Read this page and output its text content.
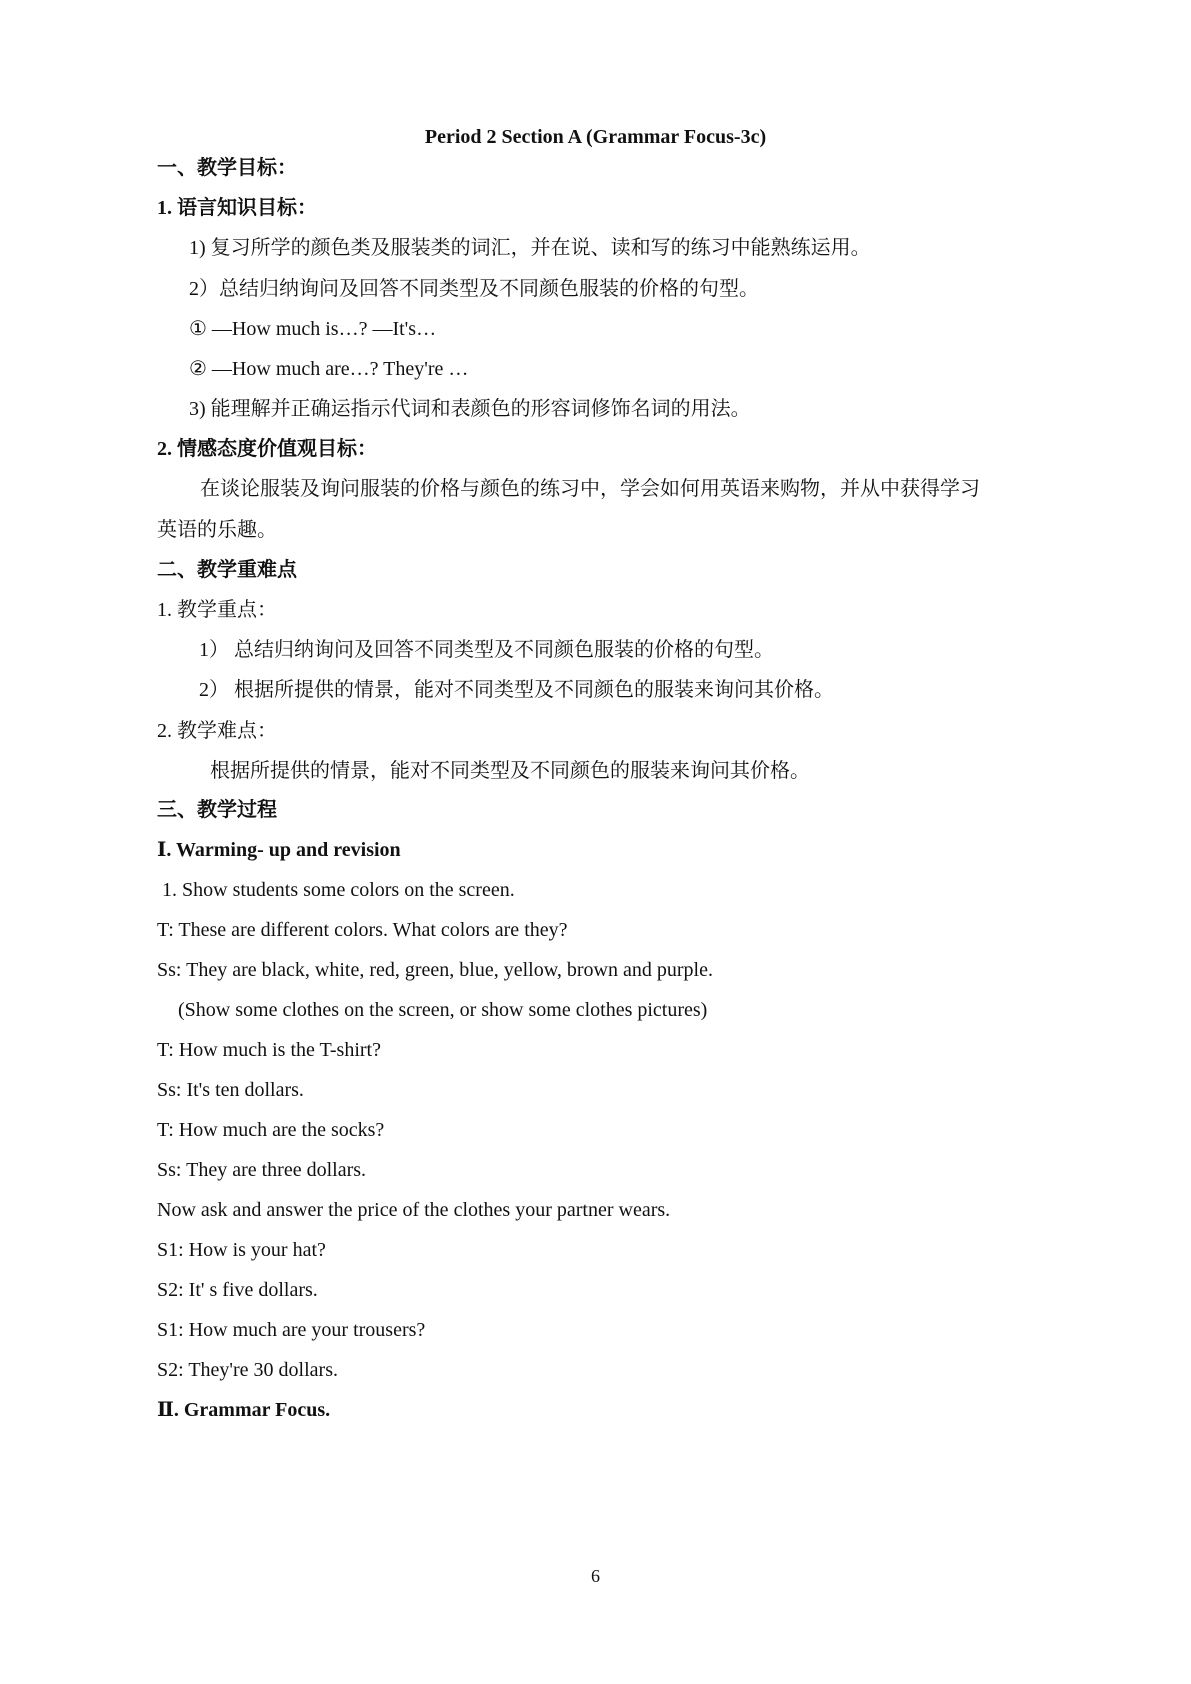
Period 2 Section A (Grammar Focus-3c)
一、教学目标：
1. 语言知识目标：
1) 复习所学的颜色类及服装类的词汇，并在说、读和写的练习中能熟练运用。
2）总结归纳询问及回答不同类型及不同颜色服装的价格的句型。
① —How much is…? —It's…
② —How much are…? They're …
3) 能理解并正确运指示代词和表颜色的形容词修饰名词的用法。
2. 情感态度价值观目标：
在谈论服装及询问服装的价格与颜色的练习中，学会如何用英语来购物，并从中获得学习
英语的乐趣。
二、教学重难点
1. 教学重点：
1） 总结归纳询问及回答不同类型及不同颜色服装的价格的句型。
2） 根据所提供的情景，能对不同类型及不同颜色的服装来询问其价格。
2. 教学难点：
根据所提供的情景，能对不同类型及不同颜色的服装来询问其价格。
三、教学过程
Ⅰ. Warming- up and revision
1. Show students some colors on the screen.
T: These are different colors. What colors are they?
Ss: They are black, white, red, green, blue, yellow, brown and purple.
(Show some clothes on the screen, or show some clothes pictures)
T: How much is the T-shirt?
Ss: It's ten dollars.
T: How much are the socks?
Ss: They are three dollars.
Now ask and answer the price of the clothes your partner wears.
S1: How is your hat?
S2: It' s five dollars.
S1: How much are your trousers?
S2: They're 30 dollars.
Ⅱ. Grammar Focus.
6
